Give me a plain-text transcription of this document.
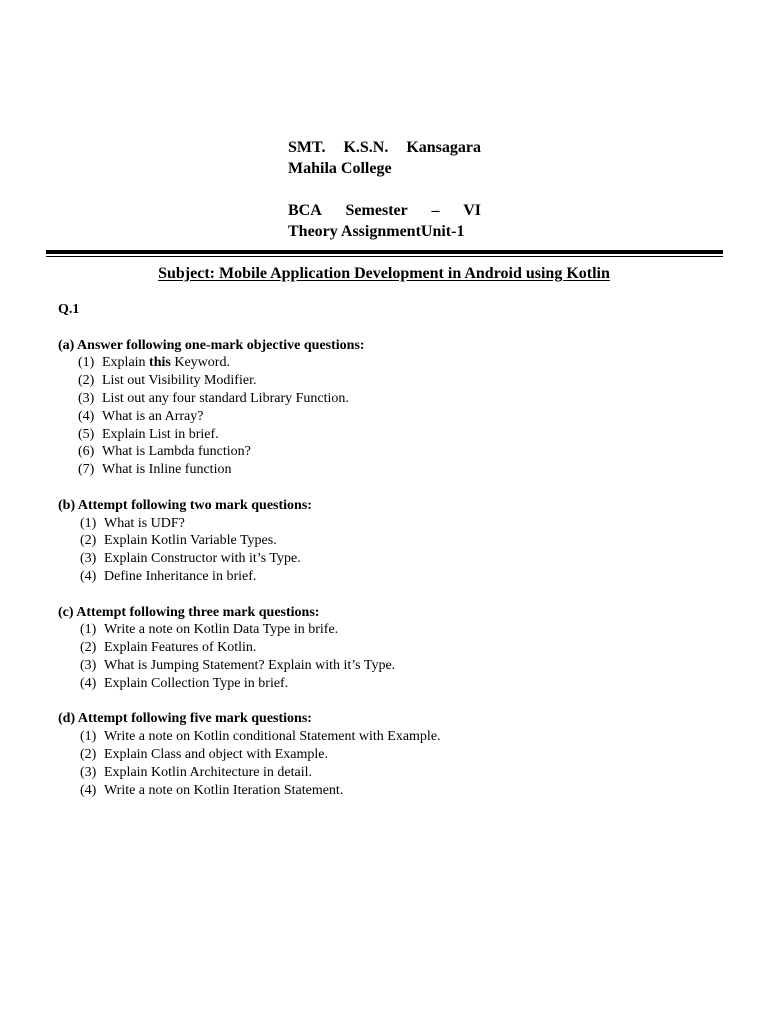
SMT. K.S.N. Kansagara
Mahila College
BCA Semester – VI
Theory AssignmentUnit-1
Subject: Mobile Application Development in Android using Kotlin
Q.1
(a) Answer following one-mark objective questions:
(1) Explain this Keyword.
(2) List out Visibility Modifier.
(3) List out any four standard Library Function.
(4) What is an Array?
(5) Explain List in brief.
(6) What is Lambda function?
(7) What is Inline function
(b) Attempt following two mark questions:
(1) What is UDF?
(2) Explain Kotlin Variable Types.
(3) Explain Constructor with it’s Type.
(4) Define Inheritance in brief.
(c) Attempt following three mark questions:
(1) Write a note on Kotlin Data Type in brife.
(2) Explain Features of Kotlin.
(3) What is Jumping Statement? Explain with it’s Type.
(4) Explain Collection Type in brief.
(d) Attempt following five mark questions:
(1) Write a note on Kotlin conditional Statement with Example.
(2) Explain Class and object with Example.
(3) Explain Kotlin Architecture in detail.
(4) Write a note on Kotlin Iteration Statement.
